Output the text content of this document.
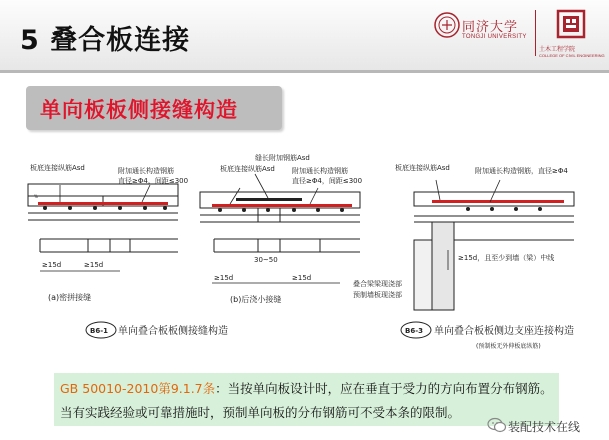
5 叠合板连接	同济大学
TONGJI UNIVERSITY
土木工程学院
COLLEGE OF CIVIL ENGINEERING
单向板板侧接缝构造
%
板底连接纵筋Asd	附加通长构造钢筋
直径≥Φ4，间距≤300
≥15d	≥15d
(a)密拼接缝
板底连接纵筋Asd
缝长附加钢筋Asd
附加通长构造钢筋
直径≥Φ4，间距≤300
30~50
≥15d	≥15d
(b)后浇小接缝
B6-1 单向叠合板板侧接缝构造
板底连接纵筋Asd	附加通长构造钢筋，直径≥Φ4
≥15d，且至少到墙（梁）中线
叠合梁梁现浇部
预制墙板现浇部
B6-3 单向叠合板板侧边支座连接构造
(预制板无外伸板底纵筋)
GB 50010-2010第9.1.7条：当按单向板设计时，应在垂直于受力的方向布置分布钢筋。
当有实践经验或可靠措施时，预制单向板的分布钢筋可不受本条的限制。
装配技术在线
